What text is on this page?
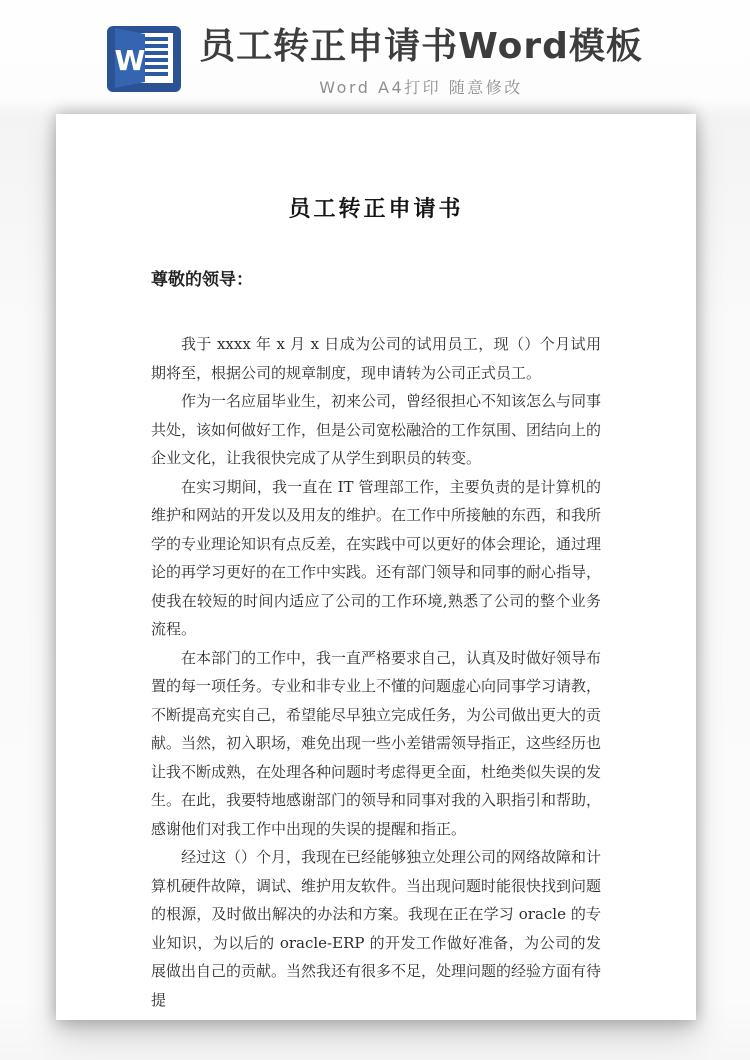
W 员工转正申请书Word模板
Word A4打印 随意修改
员工转正申请书

尊敬的领导：

我于 xxxx 年 x 月 x 日成为公司的试用员工，现（）个月试用期将至，根据公司的规章制度，现申请转为公司正式员工。

作为一名应届毕业生，初来公司，曾经很担心不知该怎么与同事共处，该如何做好工作，但是公司宽松融洽的工作氛围、团结向上的企业文化，让我很快完成了从学生到职员的转变。

在实习期间，我一直在 IT 管理部工作，主要负责的是计算机的维护和网站的开发以及用友的维护。在工作中所接触的东西，和我所学的专业理论知识有点反差，在实践中可以更好的体会理论，通过理论的再学习更好的在工作中实践。还有部门领导和同事的耐心指导，使我在较短的时间内适应了公司的工作环境,熟悉了公司的整个业务流程。

在本部门的工作中，我一直严格要求自己，认真及时做好领导布置的每一项任务。专业和非专业上不懂的问题虚心向同事学习请教，不断提高充实自己，希望能尽早独立完成任务，为公司做出更大的贡献。当然，初入职场，难免出现一些小差错需领导指正，这些经历也让我不断成熟，在处理各种问题时考虑得更全面，杜绝类似失误的发生。在此，我要特地感谢部门的领导和同事对我的入职指引和帮助，感谢他们对我工作中出现的失误的提醒和指正。

经过这（）个月，我现在已经能够独立处理公司的网络故障和计算机硬件故障，调试、维护用友软件。当出现问题时能很快找到问题的根源，及时做出解决的办法和方案。我现在正在学习 oracle 的专业知识，为以后的 oracle-ERP 的开发工作做好准备，为公司的发展做出自己的贡献。当然我还有很多不足，处理问题的经验方面有待提
